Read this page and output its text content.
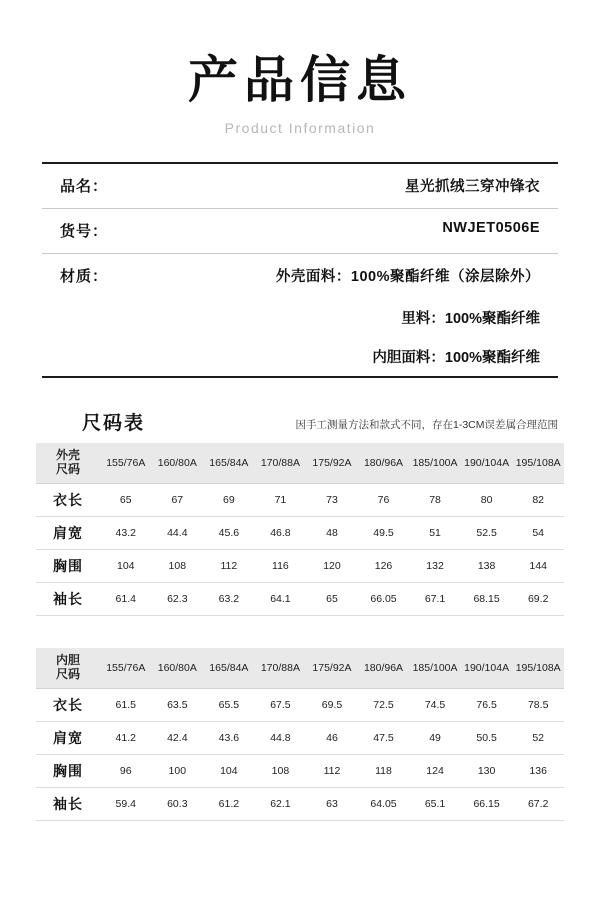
产品信息
Product Information
品名：	星光抓绒三穿冲锋衣
货号：	NWJET0506E
材质：	外壳面料：100%聚酯纤维（涂层除外）
里料：100%聚酯纤维
内胆面料：100%聚酯纤维
尺码表	因手工测量方法和款式不同，存在1-3CM误差属合理范围
外壳
尺码	155/76A	160/80A	165/84A	170/88A	175/92A	180/96A	185/100A	190/104A	195/108A
衣长	65	67	69	71	73	76	78	80	82
肩宽	43.2	44.4	45.6	46.8	48	49.5	51	52.5	54
胸围	104	108	112	116	120	126	132	138	144
袖长	61.4	62.3	63.2	64.1	65	66.05	67.1	68.15	69.2
内胆
尺码	155/76A	160/80A	165/84A	170/88A	175/92A	180/96A	185/100A	190/104A	195/108A
衣长	61.5	63.5	65.5	67.5	69.5	72.5	74.5	76.5	78.5
肩宽	41.2	42.4	43.6	44.8	46	47.5	49	50.5	52
胸围	96	100	104	108	112	118	124	130	136
袖长	59.4	60.3	61.2	62.1	63	64.05	65.1	66.15	67.2
